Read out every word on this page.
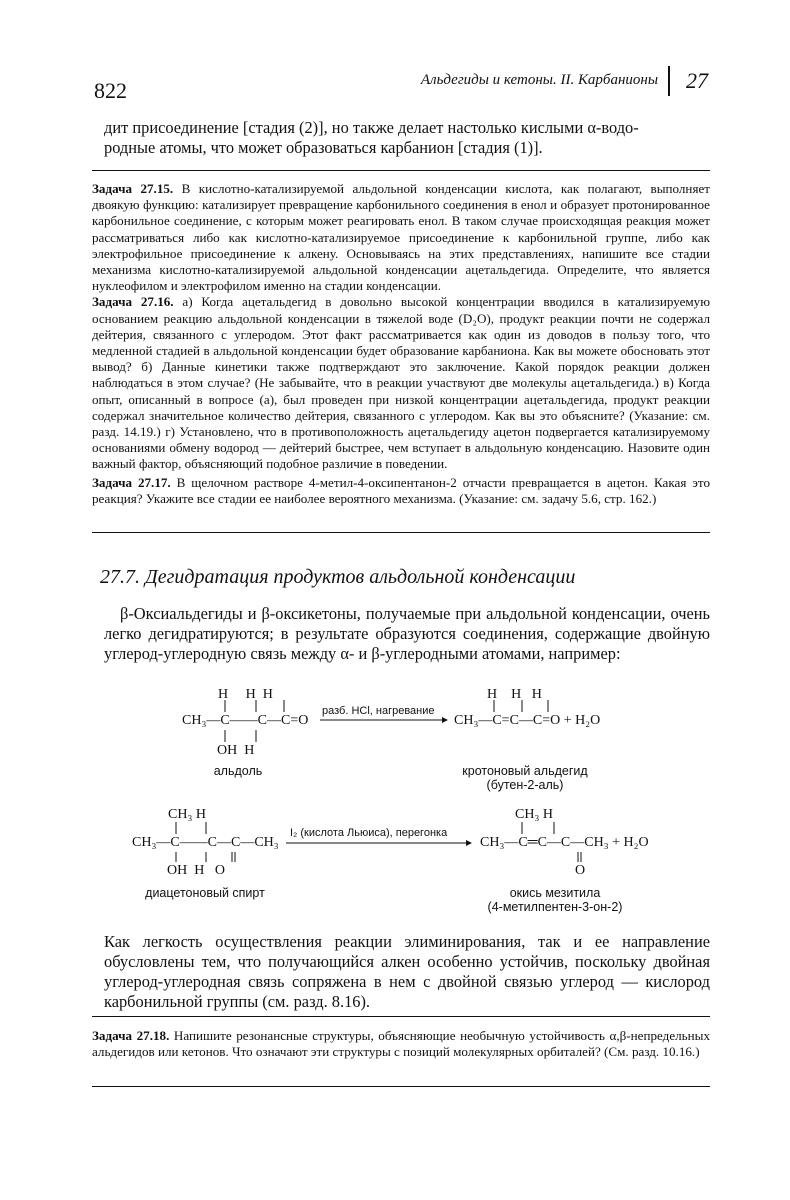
822	Альдегиды и кетоны. II. Карбанионы 27
дит присоединение [стадия (2)], но также делает настолько кислыми α-водо-
родные атомы, что может образоваться карбанион [стадия (1)].

Задача 27.15. В кислотно-катализируемой альдольной конденсации кислота, как полагают, выполняет двоякую функцию: катализирует превращение карбонильного соединения в енол и образует протонированное карбонильное соединение, с которым может реагировать енол. В таком случае происходящая реакция может рассматриваться либо как кислотно-катализируемое присоединение к карбонильной группе, либо как электрофильное присоединение к алкену. Основываясь на этих представлениях, напишите все стадии механизма кислотно-катализируемой альдольной конденсации ацетальдегида. Определите, что является нуклеофилом и электрофилом именно на стадии конденсации.

Задача 27.16. а) Когда ацетальдегид в довольно высокой концентрации вводился в катализируемую основанием реакцию альдольной конденсации в тяжелой воде (D₂O), продукт реакции почти не содержал дейтерия, связанного с углеродом. Этот факт рассматривается как один из доводов в пользу того, что медленной стадией в альдольной конденсации будет образование карбаниона. Как вы можете обосновать этот вывод? б) Данные кинетики также подтверждают это заключение. Какой порядок реакции должен наблюдаться в этом случае? (Не забывайте, что в реакции участвуют две молекулы ацетальдегида.) в) Когда опыт, описанный в вопросе (а), был проведен при низкой концентрации ацетальдегида, продукт реакции содержал значительное количество дейтерия, связанного с углеродом. Как вы это объясните? (Указание: см. разд. 14.19.) г) Установлено, что в противоположность ацетальдегиду ацетон подвергается катализируемому основаниями обмену водород — дейтерий быстрее, чем вступает в альдольную конденсацию. Назовите один важный фактор, объясняющий подобное различие в поведении.

Задача 27.17. В щелочном растворе 4-метил-4-оксипентанон-2 отчасти превращается в ацетон. Какая это реакция? Укажите все стадии ее наиболее вероятного механизма. (Указание: см. задачу 5.6, стр. 162.)

27.7. Дегидратация продуктов альдольной конденсации
β-Оксиальдегиды и β-оксикетоны, получаемые при альдольной конденсации, очень легко дегидратируются; в результате образуются соединения, содержащие двойную углерод-углеродную связь между α- и β-углеродными атомами, например:
H     H  H
CH₃—C——C—C=O
OH  H
альдоль
разб. HCl, нагревание
H    H   H
CH₃—C=C—C=O + H₂O
кротоновый альдегид
(бутен-2-аль)
CH₃ H
CH₃—C——C—C—CH₃
OH  H   O
диацетоновый спирт
I₂ (кислота Льюиса), перегонка
CH₃ H
CH₃—C═C—C—CH₃ + H₂O
O
окись мезитила
(4-метилпентен-3-он-2)
Как легкость осуществления реакции элиминирования, так и ее направление обусловлены тем, что получающийся алкен особенно устойчив, поскольку двойная углерод-углеродная связь сопряжена в нем с двойной связью углерод — кислород карбонильной группы (см. разд. 8.16).

Задача 27.18. Напишите резонансные структуры, объясняющие необычную устойчивость α,β-непредельных альдегидов или кетонов. Что означают эти структуры с позиций молекулярных орбиталей? (См. разд. 10.16.)
